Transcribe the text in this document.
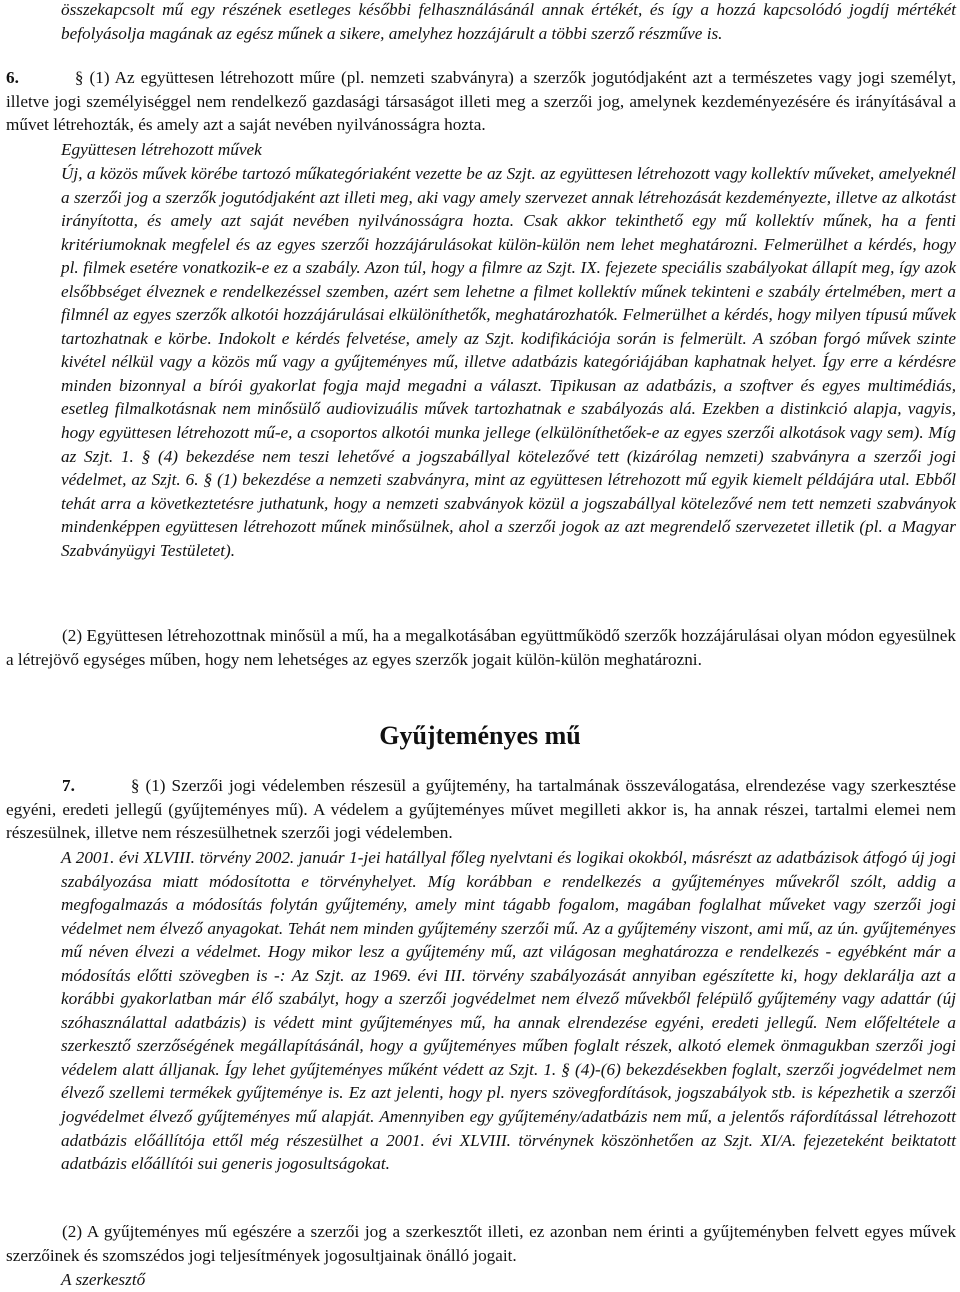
összekapcsolt mű egy részének esetleges későbbi felhasználásánál annak értékét, és így a hozzá kapcsolódó jogdíj mértékét befolyásolja magának az egész műnek a sikere, amelyhez hozzájárult a többi szerző részműve is.

6.	§ (1) Az együttesen létrehozott műre (pl. nemzeti szabványra) a szerzők jogutódjaként azt a természetes vagy jogi személyt, illetve jogi személyiséggel nem rendelkező gazdasági társaságot illeti meg a szerzői jog, amelynek kezdeményezésére és irányításával a művet létrehozták, és amely azt a saját nevében nyilvánosságra hozta.

Együttesen létrehozott művek

Új, a közös művek körébe tartozó műkategóriaként vezette be az Szjt. az együttesen létrehozott vagy kollektív műveket, amelyeknél a szerzői jog a szerzők jogutódjaként azt illeti meg, aki vagy amely szervezet annak létrehozását kezdeményezte, illetve az alkotást irányította, és amely azt saját nevében nyilvánosságra hozta. Csak akkor tekinthető egy mű kollektív műnek, ha a fenti kritériumoknak megfelel és az egyes szerzői hozzájárulásokat külön-külön nem lehet meghatározni. Felmerülhet a kérdés, hogy pl. filmek esetére vonatkozik-e ez a szabály. Azon túl, hogy a filmre az Szjt. IX. fejezete speciális szabályokat állapít meg, így azok elsőbbséget élveznek e rendelkezéssel szemben, azért sem lehetne a filmet kollektív műnek tekinteni e szabály értelmében, mert a filmnél az egyes szerzők alkotói hozzájárulásai elkülöníthetők, meghatározhatók. Felmerülhet a kérdés, hogy milyen típusú művek tartozhatnak e körbe. Indokolt e kérdés felvetése, amely az Szjt. kodifikációja során is felmerült. A szóban forgó művek szinte kivétel nélkül vagy a közös mű vagy a gyűjteményes mű, illetve adatbázis kategóriájában kaphatnak helyet. Így erre a kérdésre minden bizonnyal a bírói gyakorlat fogja majd megadni a választ. Tipikusan az adatbázis, a szoftver és egyes multimédiás, esetleg filmalkotásnak nem minősülő audiovizuális művek tartozhatnak e szabályozás alá. Ezekben a distinkció alapja, vagyis, hogy együttesen létrehozott mű-e, a csoportos alkotói munka jellege (elkülöníthetőek-e az egyes szerzői alkotások vagy sem). Míg az Szjt. 1. § (4) bekezdése nem teszi lehetővé a jogszabállyal kötelezővé tett (kizárólag nemzeti) szabványra a szerzői jogi védelmet, az Szjt. 6. § (1) bekezdése a nemzeti szabványra, mint az együttesen létrehozott mű egyik kiemelt példájára utal. Ebből tehát arra a következtetésre juthatunk, hogy a nemzeti szabványok közül a jogszabállyal kötelezővé nem tett nemzeti szabványok mindenképpen együttesen létrehozott műnek minősülnek, ahol a szerzői jogok az azt megrendelő szervezetet illetik (pl. a Magyar Szabványügyi Testületet).

(2) Együttesen létrehozottnak minősül a mű, ha a megalkotásában együttműködő szerzők hozzájárulásai olyan módon egyesülnek a létrejövő egységes műben, hogy nem lehetséges az egyes szerzők jogait külön-külön meghatározni.

7.	§ (1) Szerzői jogi védelemben részesül a gyűjtemény, ha tartalmának összeválogatása, elrendezése vagy szerkesztése egyéni, eredeti jellegű (gyűjteményes mű). A védelem a gyűjteményes művet megilleti akkor is, ha annak részei, tartalmi elemei nem részesülnek, illetve nem részesülhetnek szerzői jogi védelemben.

A 2001. évi XLVIII. törvény 2002. január 1-jei hatállyal főleg nyelvtani és logikai okokból, másrészt az adatbázisok átfogó új jogi szabályozása miatt módosította e törvényhelyet. Míg korábban e rendelkezés a gyűjteményes művekről szólt, addig a megfogalmazás a módosítás folytán gyűjtemény, amely mint tágabb fogalom, magában foglalhat műveket vagy szerzői jogi védelmet nem élvező anyagokat. Tehát nem minden gyűjtemény szerzői mű. Az a gyűjtemény viszont, ami mű, az ún. gyűjteményes mű néven élvezi a védelmet. Hogy mikor lesz a gyűjtemény mű, azt világosan meghatározza e rendelkezés - egyébként már a módosítás előtti szövegben is -: Az Szjt. az 1969. évi III. törvény szabályozását annyiban egészítette ki, hogy deklarálja azt a korábbi gyakorlatban már élő szabályt, hogy a szerzői jogvédelmet nem élvező művekből felépülő gyűjtemény vagy adattár (új szóhasználattal adatbázis) is védett mint gyűjteményes mű, ha annak elrendezése egyéni, eredeti jellegű. Nem előfeltétele a szerkesztő szerzőségének megállapításánál, hogy a gyűjteményes műben foglalt részek, alkotó elemek önmagukban szerzői jogi védelem alatt álljanak. Így lehet gyűjteményes műként védett az Szjt. 1. § (4)-(6) bekezdésekben foglalt, szerzői jogvédelmet nem élvező szellemi termékek gyűjteménye is. Ez azt jelenti, hogy pl. nyers szövegfordítások, jogszabályok stb. is képezhetik a szerzői jogvédelmet élvező gyűjteményes mű alapját. Amennyiben egy gyűjtemény/adatbázis nem mű, a jelentős ráfordítással létrehozott adatbázis előállítója ettől még részesülhet a 2001. évi XLVIII. törvénynek köszönhetően az Szjt. XI/A. fejezeteként beiktatott adatbázis előállítói sui generis jogosultságokat.

(2) A gyűjteményes mű egészére a szerzői jog a szerkesztőt illeti, ez azonban nem érinti a gyűjteményben felvett egyes művek szerzőinek és szomszédos jogi teljesítmények jogosultjainak önálló jogait.

A szerkesztő

Gyűjteményes mű
